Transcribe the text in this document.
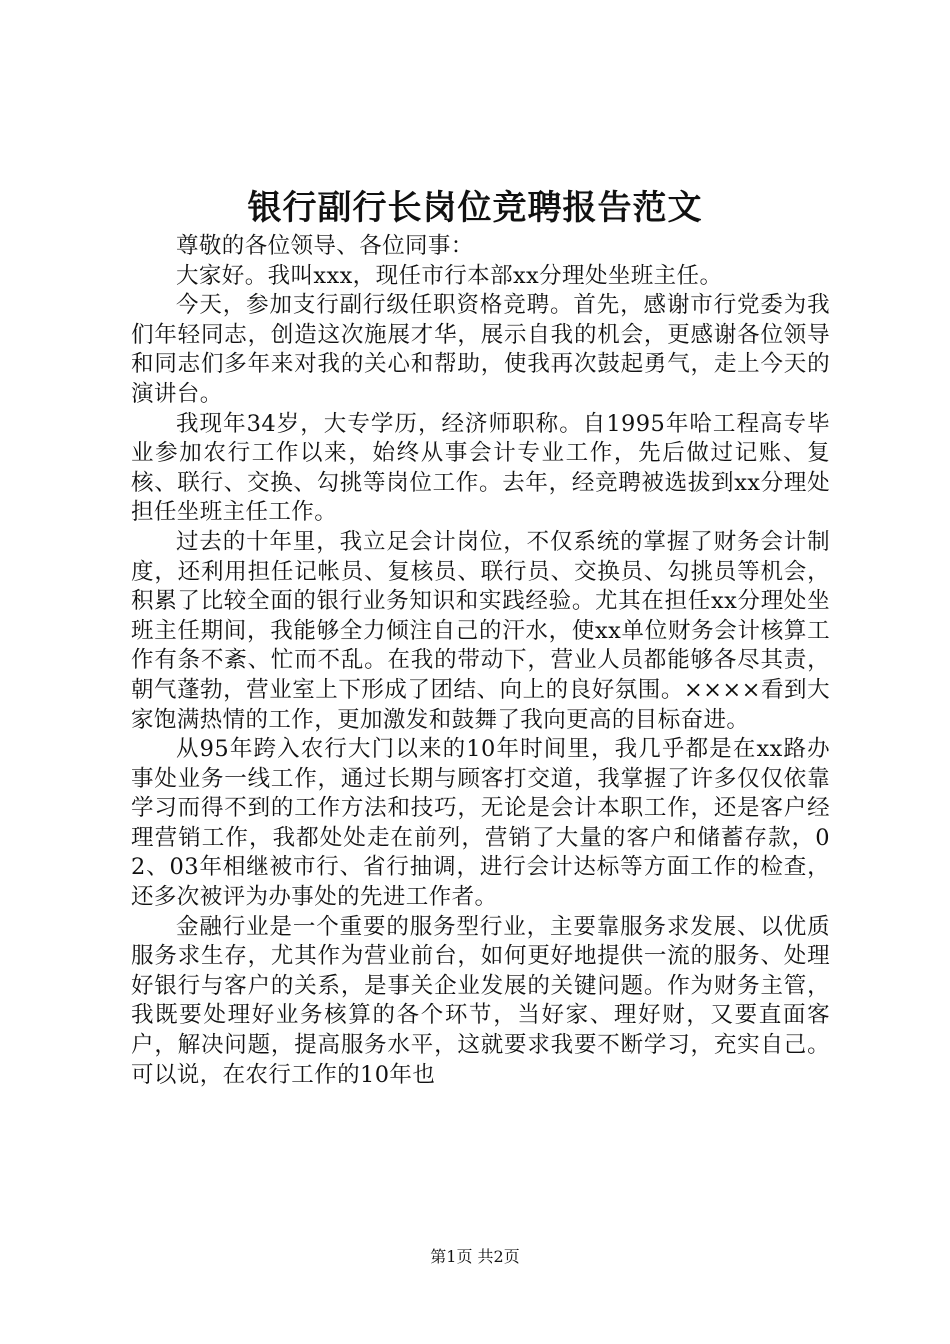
银行副行长岗位竞聘报告范文

尊敬的各位领导、各位同事：

大家好。我叫xxx，现任市行本部xx分理处坐班主任。

今天，参加支行副行级任职资格竞聘。首先，感谢市行党委为我们年轻同志，创造这次施展才华，展示自我的机会，更感谢各位领导和同志们多年来对我的关心和帮助，使我再次鼓起勇气，走上今天的演讲台。

我现年34岁，大专学历，经济师职称。自1995年哈工程高专毕业参加农行工作以来，始终从事会计专业工作，先后做过记账、复核、联行、交换、勾挑等岗位工作。去年，经竞聘被选拔到xx分理处担任坐班主任工作。

过去的十年里，我立足会计岗位，不仅系统的掌握了财务会计制度，还利用担任记帐员、复核员、联行员、交换员、勾挑员等机会，积累了比较全面的银行业务知识和实践经验。尤其在担任xx分理处坐班主任期间，我能够全力倾注自己的汗水，使xx单位财务会计核算工作有条不紊、忙而不乱。在我的带动下，营业人员都能够各尽其责，朝气蓬勃，营业室上下形成了团结、向上的良好氛围。××××看到大家饱满热情的工作，更加激发和鼓舞了我向更高的目标奋进。

从95年跨入农行大门以来的10年时间里，我几乎都是在xx路办事处业务一线工作，通过长期与顾客打交道，我掌握了许多仅仅依靠学习而得不到的工作方法和技巧，无论是会计本职工作，还是客户经理营销工作，我都处处走在前列，营销了大量的客户和储蓄存款，02、03年相继被市行、省行抽调，进行会计达标等方面工作的检查，还多次被评为办事处的先进工作者。

金融行业是一个重要的服务型行业，主要靠服务求发展、以优质服务求生存，尤其作为营业前台，如何更好地提供一流的服务、处理好银行与客户的关系，是事关企业发展的关键问题。作为财务主管，我既要处理好业务核算的各个环节，当好家、理好财，又要直面客户，解决问题，提高服务水平，这就要求我要不断学习，充实自己。可以说，在农行工作的10年也

第1页 共2页
